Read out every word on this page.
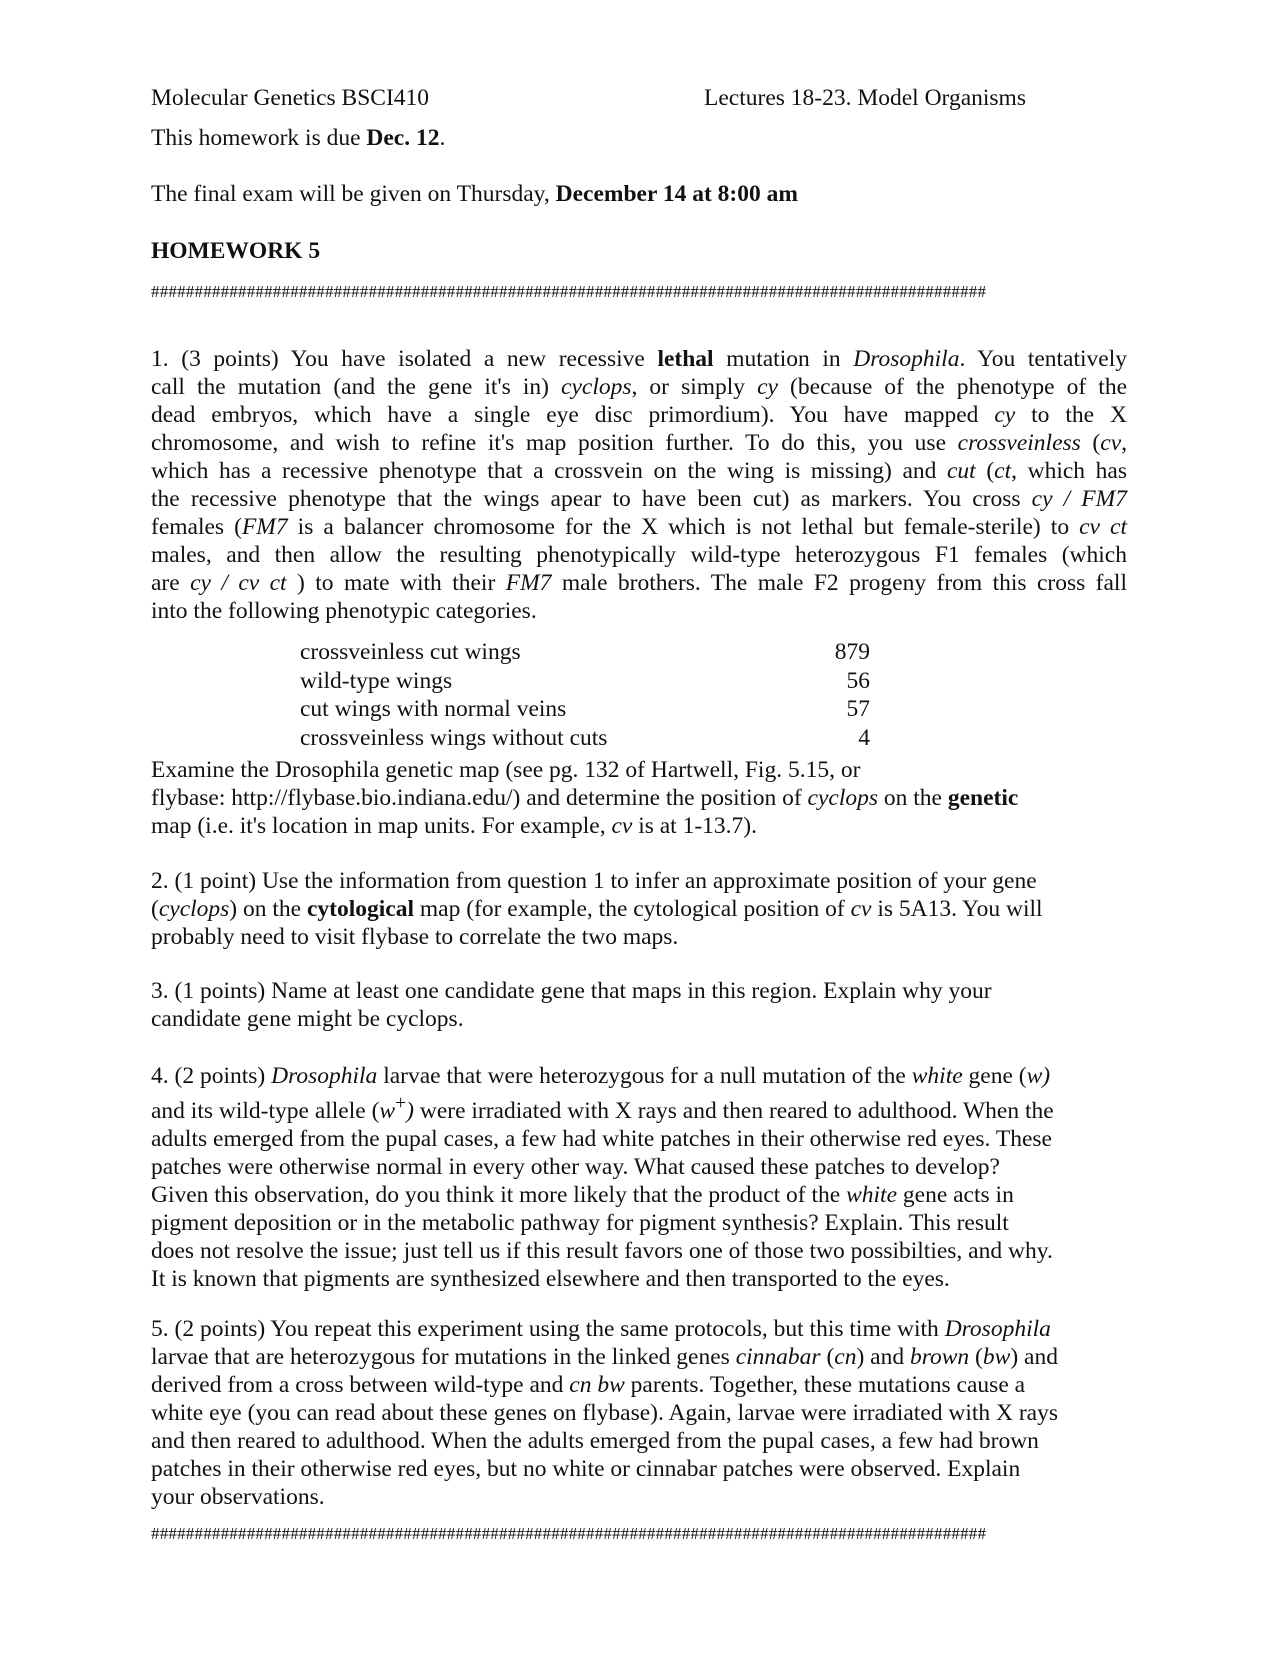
Molecular Genetics BSCI410	Lectures 18-23. Model Organisms
This homework is due Dec. 12.
The final exam will be given on Thursday, December 14 at 8:00 am
HOMEWORK 5
################################################################################################
1. (3 points) You have isolated a new recessive lethal mutation in Drosophila. You tentatively
call the mutation (and the gene it's in) cyclops, or simply cy (because of the phenotype of the
dead embryos, which have a single eye disc primordium). You have mapped cy to the X
chromosome, and wish to refine it's map position further. To do this, you use crossveinless (cv,
which has a recessive phenotype that a crossvein on the wing is missing) and cut (ct, which has
the recessive phenotype that the wings apear to have been cut) as markers. You cross cy / FM7
females (FM7 is a balancer chromosome for the X which is not lethal but female-sterile) to cv ct
males, and then allow the resulting phenotypically wild-type heterozygous F1 females (which
are cy / cv ct ) to mate with their FM7 male brothers. The male F2 progeny from this cross fall
into the following phenotypic categories.
crossveinless cut wings	879
wild-type wings	56
cut wings with normal veins	57
crossveinless wings without cuts	4
Examine the Drosophila genetic map (see pg. 132 of Hartwell, Fig. 5.15, or
flybase: http://flybase.bio.indiana.edu/) and determine the position of cyclops on the genetic
map (i.e. it's location in map units. For example, cv is at 1-13.7).
2. (1 point) Use the information from question 1 to infer an approximate position of your gene
(cyclops) on the cytological map (for example, the cytological position of cv is 5A13. You will
probably need to visit flybase to correlate the two maps.
3. (1 points) Name at least one candidate gene that maps in this region. Explain why your
candidate gene might be cyclops.
4. (2 points) Drosophila larvae that were heterozygous for a null mutation of the white gene (w)
and its wild-type allele (w+) were irradiated with X rays and then reared to adulthood. When the
adults emerged from the pupal cases, a few had white patches in their otherwise red eyes. These
patches were otherwise normal in every other way. What caused these patches to develop?
Given this observation, do you think it more likely that the product of the white gene acts in
pigment deposition or in the metabolic pathway for pigment synthesis? Explain. This result
does not resolve the issue; just tell us if this result favors one of those two possibilties, and why.
It is known that pigments are synthesized elsewhere and then transported to the eyes.
5. (2 points) You repeat this experiment using the same protocols, but this time with Drosophila
larvae that are heterozygous for mutations in the linked genes cinnabar (cn) and brown (bw) and
derived from a cross between wild-type and cn bw parents. Together, these mutations cause a
white eye (you can read about these genes on flybase). Again, larvae were irradiated with X rays
and then reared to adulthood. When the adults emerged from the pupal cases, a few had brown
patches in their otherwise red eyes, but no white or cinnabar patches were observed. Explain
your observations.
################################################################################################
